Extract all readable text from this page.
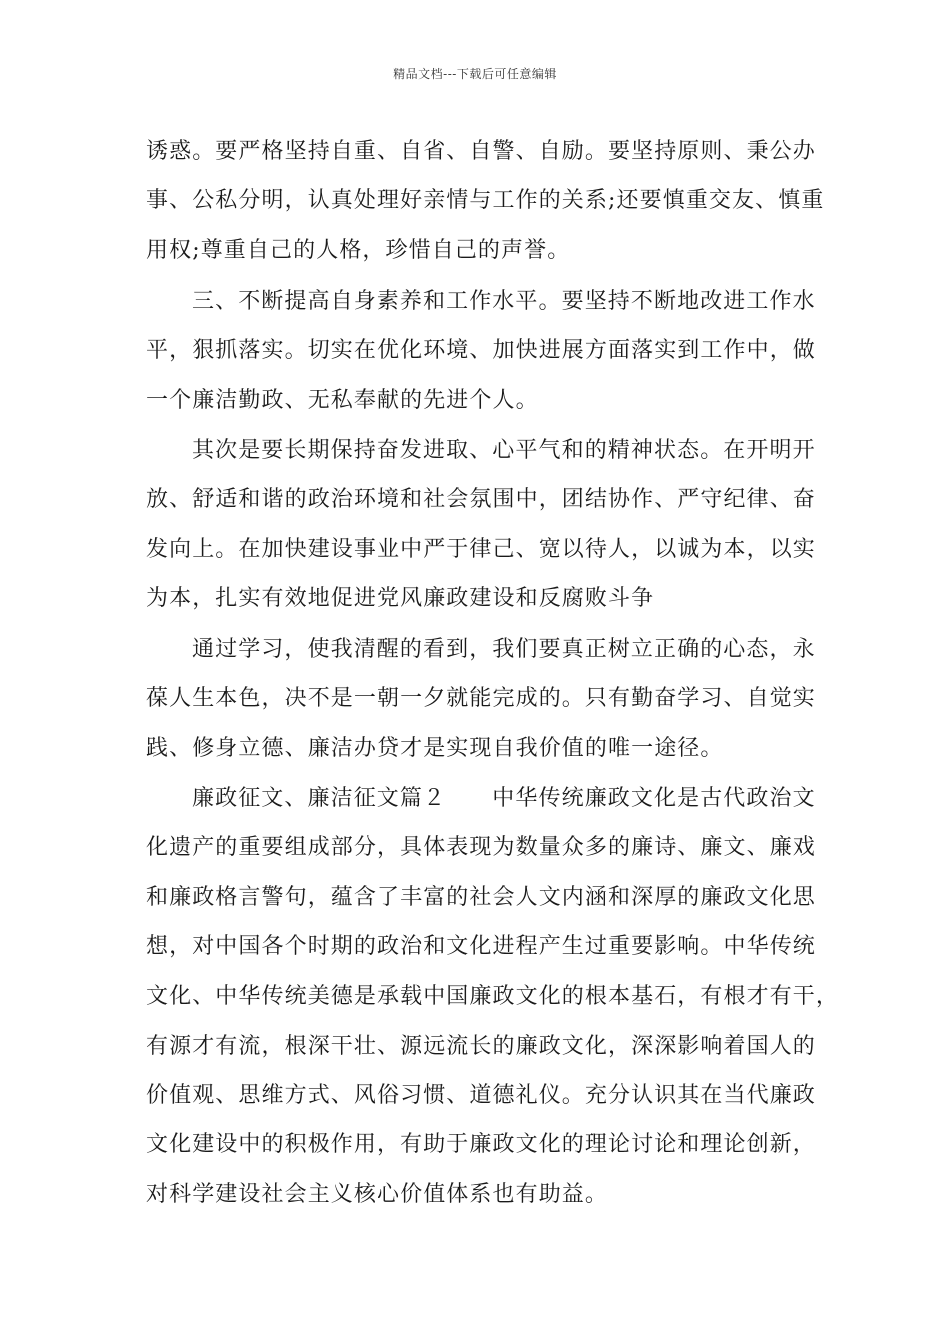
精品文档---下载后可任意编辑
诱惑。要严格坚持自重、自省、自警、自励。要坚持原则、秉公办
事、公私分明，认真处理好亲情与工作的关系;还要慎重交友、慎重
用权;尊重自己的人格，珍惜自己的声誉。
三、不断提高自身素养和工作水平。要坚持不断地改进工作水
平，狠抓落实。切实在优化环境、加快进展方面落实到工作中，做
一个廉洁勤政、无私奉献的先进个人。
其次是要长期保持奋发进取、心平气和的精神状态。在开明开
放、舒适和谐的政治环境和社会氛围中，团结协作、严守纪律、奋
发向上。在加快建设事业中严于律己、宽以待人，以诚为本，以实
为本，扎实有效地促进党风廉政建设和反腐败斗争
通过学习，使我清醒的看到，我们要真正树立正确的心态，永
葆人生本色，决不是一朝一夕就能完成的。只有勤奋学习、自觉实
践、修身立德、廉洁办贷才是实现自我价值的唯一途径。
廉政征文、廉洁征文篇２　　中华传统廉政文化是古代政治文
化遗产的重要组成部分，具体表现为数量众多的廉诗、廉文、廉戏
和廉政格言警句，蕴含了丰富的社会人文内涵和深厚的廉政文化思
想，对中国各个时期的政治和文化进程产生过重要影响。中华传统
文化、中华传统美德是承载中国廉政文化的根本基石，有根才有干，
有源才有流，根深干壮、源远流长的廉政文化，深深影响着国人的
价值观、思维方式、风俗习惯、道德礼仪。充分认识其在当代廉政
文化建设中的积极作用，有助于廉政文化的理论讨论和理论创新，
对科学建设社会主义核心价值体系也有助益。
